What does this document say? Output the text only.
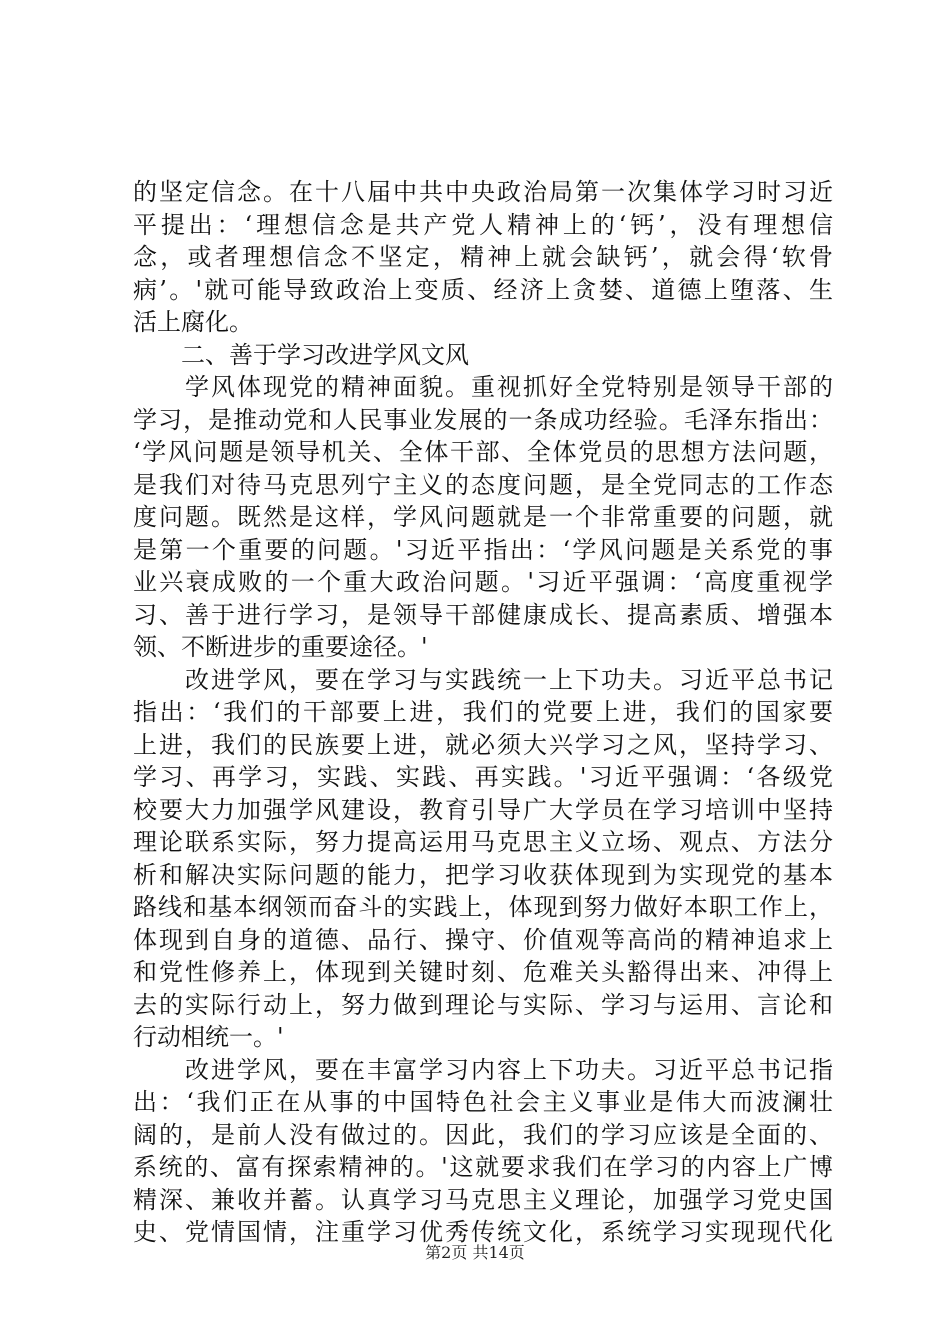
的坚定信念。在十八届中共中央政治局第一次集体学习时习近
平提出：‘理想信念是共产党人精神上的‘钙’，没有理想信
念，或者理想信念不坚定，精神上就会缺钙’，就会得‘软骨
病’。'就可能导致政治上变质、经济上贪婪、道德上堕落、生
活上腐化。
　　二、善于学习改进学风文风
　　学风体现党的精神面貌。重视抓好全党特别是领导干部的
学习，是推动党和人民事业发展的一条成功经验。毛泽东指出：
‘学风问题是领导机关、全体干部、全体党员的思想方法问题，
是我们对待马克思列宁主义的态度问题，是全党同志的工作态
度问题。既然是这样，学风问题就是一个非常重要的问题，就
是第一个重要的问题。'习近平指出：‘学风问题是关系党的事
业兴衰成败的一个重大政治问题。'习近平强调：‘高度重视学
习、善于进行学习，是领导干部健康成长、提高素质、增强本
领、不断进步的重要途径。'
　　改进学风，要在学习与实践统一上下功夫。习近平总书记
指出：‘我们的干部要上进，我们的党要上进，我们的国家要
上进，我们的民族要上进，就必须大兴学习之风，坚持学习、
学习、再学习，实践、实践、再实践。'习近平强调：‘各级党
校要大力加强学风建设，教育引导广大学员在学习培训中坚持
理论联系实际，努力提高运用马克思主义立场、观点、方法分
析和解决实际问题的能力，把学习收获体现到为实现党的基本
路线和基本纲领而奋斗的实践上，体现到努力做好本职工作上，
体现到自身的道德、品行、操守、价值观等高尚的精神追求上
和党性修养上，体现到关键时刻、危难关头豁得出来、冲得上
去的实际行动上，努力做到理论与实际、学习与运用、言论和
行动相统一。'
　　改进学风，要在丰富学习内容上下功夫。习近平总书记指
出：‘我们正在从事的中国特色社会主义事业是伟大而波澜壮
阔的，是前人没有做过的。因此，我们的学习应该是全面的、
系统的、富有探索精神的。'这就要求我们在学习的内容上广博
精深、兼收并蓄。认真学习马克思主义理论，加强学习党史国
史、党情国情，注重学习优秀传统文化，系统学习实现现代化
第2页 共14页
